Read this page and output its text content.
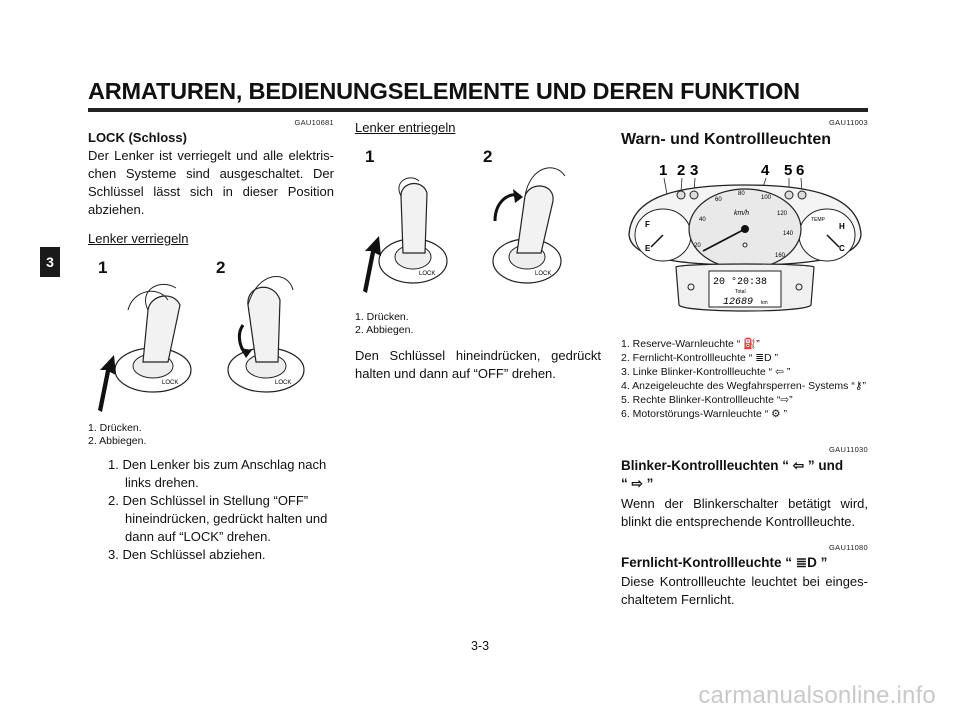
ARMATUREN, BEDIENUNGSELEMENTE UND DEREN FUNKTION
3
GAU10681
LOCK (Schloss)
Der Lenker ist verriegelt und alle elektris- chen Systeme sind ausgeschaltet. Der Schlüssel lässt sich in dieser Position abziehen.
Lenker verriegeln
1	2
LOCK	LOCK
1. Drücken.
2. Abbiegen.
1. Den Lenker bis zum Anschlag nach links drehen.
2. Den Schlüssel in Stellung “OFF” hineindrücken, gedrückt halten und dann auf “LOCK” drehen.
3. Den Schlüssel abziehen.
Lenker entriegeln
1	2
LOCK	LOCK
1. Drücken.
2. Abbiegen.
Den Schlüssel hineindrücken, gedrückt halten und dann auf “OFF” drehen.
GAU11003
Warn- und Kontrollleuchten
1 2 3	4 5 6
F
E
TEMP
H
C
20
40
60
80
100
120
140
160
km/h
20 °20:38
Total
12689 km
1. Reserve-Warnleuchte “ ⛽”
2. Fernlicht-Kontrollleuchte “ ≣D ”
3. Linke Blinker-Kontrollleuchte “ ⇦ ”
4. Anzeigeleuchte des Wegfahrsperren- Systems “⚷”
5. Rechte Blinker-Kontrollleuchte “⇨”
6. Motorstörungs-Warnleuchte “ ⚙ ”
GAU11030
Blinker-Kontrollleuchten “ ⇦ ” und
“ ⇨ ”
Wenn der Blinkerschalter betätigt wird, blinkt die entsprechende Kontrollleuchte.
GAU11080
Fernlicht-Kontrollleuchte “ ≣D ”
Diese Kontrollleuchte leuchtet bei einges- chaltetem Fernlicht.
3-3
carmanualsonline.info
